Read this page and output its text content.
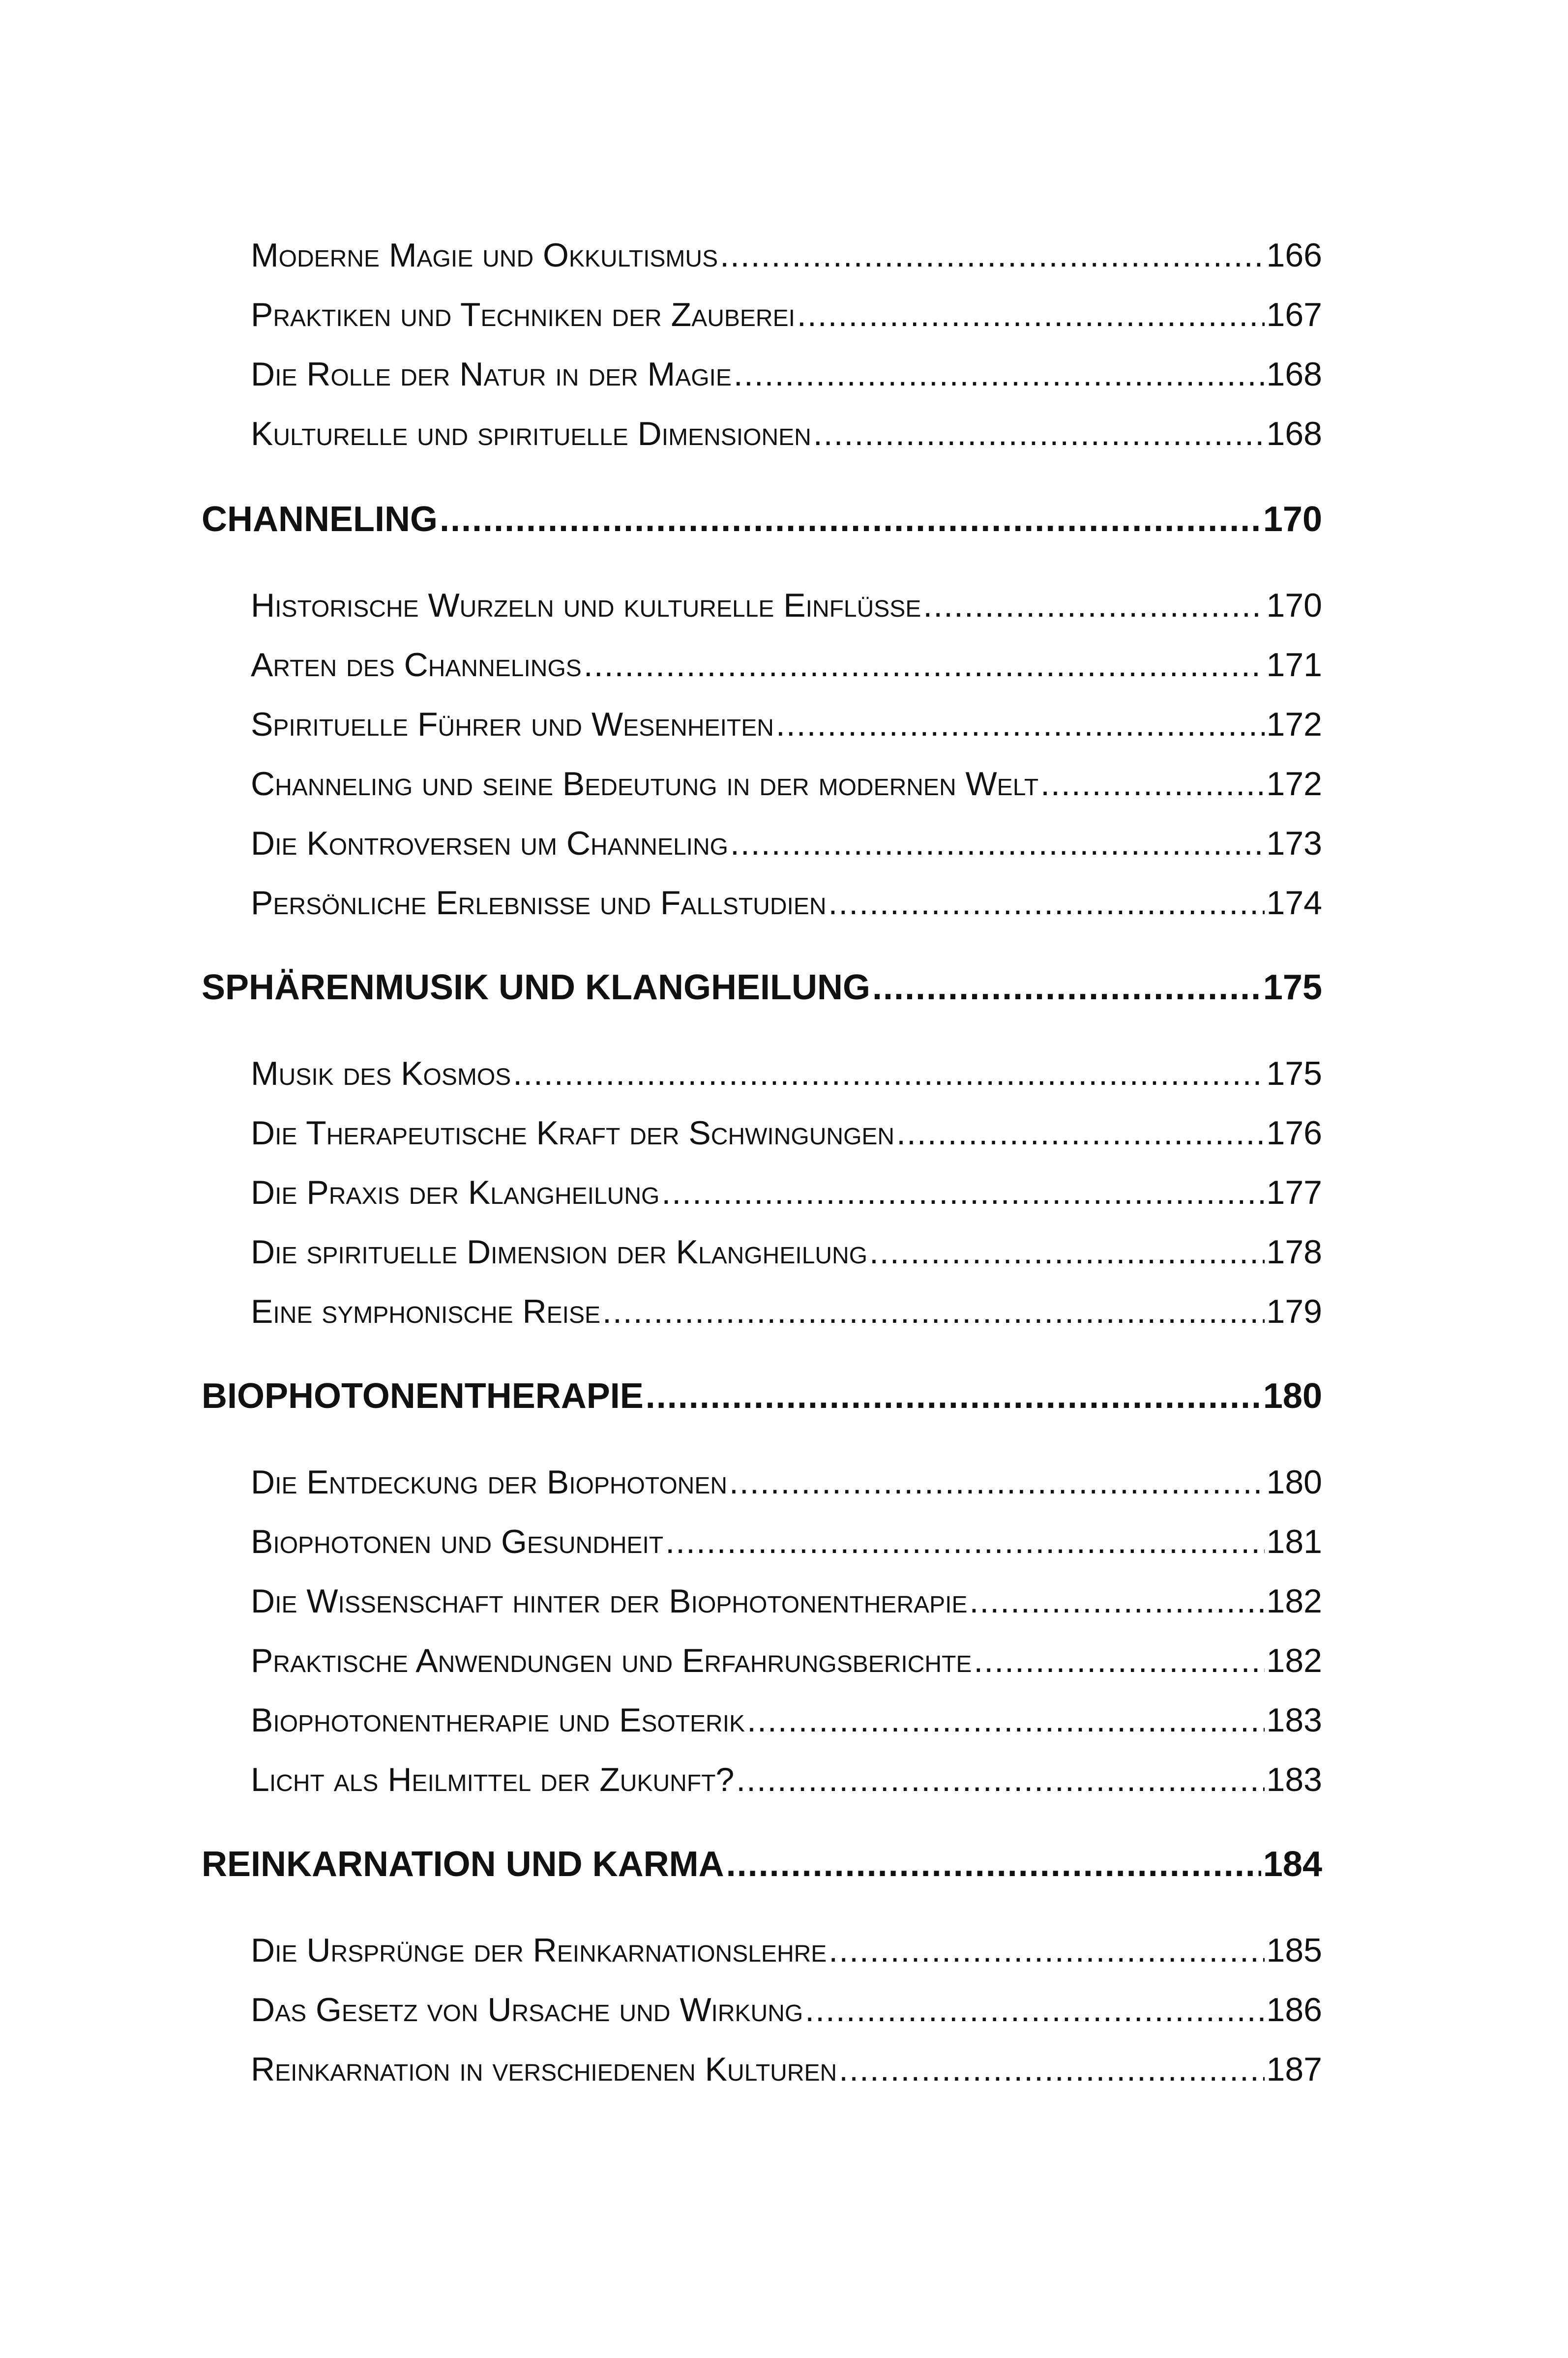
Moderne Magie und Okkultismus .....	166
Praktiken und Techniken der Zauberei .....	167
Die Rolle der Natur in der Magie .....	168
Kulturelle und spirituelle Dimensionen .....	168
CHANNELING .....	170
Historische Wurzeln und kulturelle Einflüsse .....	170
Arten des Channelings .....	171
Spirituelle Führer und Wesenheiten .....	172
Channeling und seine Bedeutung in der modernen Welt .....	172
Die Kontroversen um Channeling .....	173
Persönliche Erlebnisse und Fallstudien .....	174
SPHÄRENMUSIK UND KLANGHEILUNG .....	175
Musik des Kosmos .....	175
Die Therapeutische Kraft der Schwingungen .....	176
Die Praxis der Klangheilung .....	177
Die spirituelle Dimension der Klangheilung .....	178
Eine symphonische Reise .....	179
BIOPHOTONENTHERAPIE .....	180
Die Entdeckung der Biophotonen .....	180
Biophotonen und Gesundheit .....	181
Die Wissenschaft hinter der Biophotonentherapie .....	182
Praktische Anwendungen und Erfahrungsberichte .....	182
Biophotonentherapie und Esoterik .....	183
Licht als Heilmittel der Zukunft? .....	183
REINKARNATION UND KARMA .....	184
Die Ursprünge der Reinkarnationslehre .....	185
Das Gesetz von Ursache und Wirkung .....	186
Reinkarnation in verschiedenen Kulturen .....	187
